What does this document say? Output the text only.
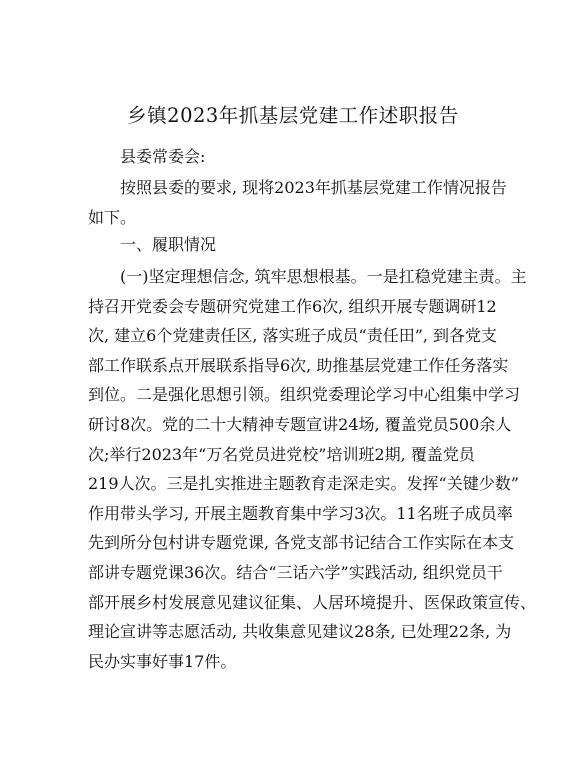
乡镇2023年抓基层党建工作述职报告

县委常委会:

按照县委的要求, 现将2023年抓基层党建工作情况报告
如下。

一、履职情况

(一)坚定理想信念, 筑牢思想根基。一是扛稳党建主责。主
持召开党委会专题研究党建工作6次, 组织开展专题调研12
次, 建立6个党建责任区, 落实班子成员“责任田”, 到各党支
部工作联系点开展联系指导6次, 助推基层党建工作任务落实
到位。二是强化思想引领。组织党委理论学习中心组集中学习
研讨8次。党的二十大精神专题宣讲24场, 覆盖党员500余人
次;举行2023年“万名党员进党校”培训班2期, 覆盖党员
219人次。三是扎实推进主题教育走深走实。发挥“关键少数”
作用带头学习, 开展主题教育集中学习3次。11名班子成员率
先到所分包村讲专题党课, 各党支部书记结合工作实际在本支
部讲专题党课36次。结合“三话六学”实践活动, 组织党员干
部开展乡村发展意见建议征集、人居环境提升、医保政策宣传、
理论宣讲等志愿活动, 共收集意见建议28条, 已处理22条, 为
民办实事好事17件。
